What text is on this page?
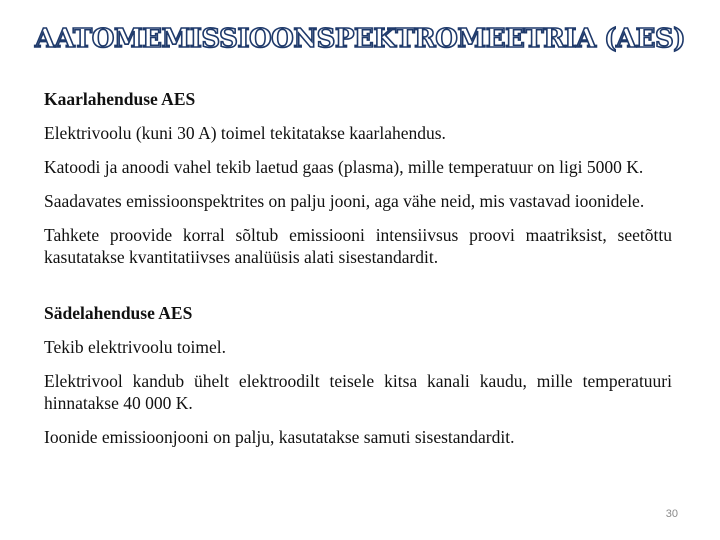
AATOMEMISSIOONSPEKTROMEETRIA (AES)
Kaarlahenduse AES
Elektrivoolu (kuni 30 A) toimel tekitatakse kaarlahendus.
Katoodi ja anoodi vahel tekib laetud gaas (plasma), mille temperatuur on ligi 5000 K.
Saadavates emissioonspektrites on palju jooni, aga vähe neid, mis vastavad ioonidele.
Tahkete proovide korral sõltub emissiooni intensiivsus proovi maatriksist, seetõttu kasutatakse kvantitatiivses analüüsis alati sisestandardit.
Sädelahenduse AES
Tekib elektrivoolu toimel.
Elektrivool kandub ühelt elektroodilt teisele kitsa kanali kaudu, mille temperatuuri hinnatakse 40 000 K.
Ioonide emissioonjooni on palju, kasutatakse samuti sisestandardit.
30
